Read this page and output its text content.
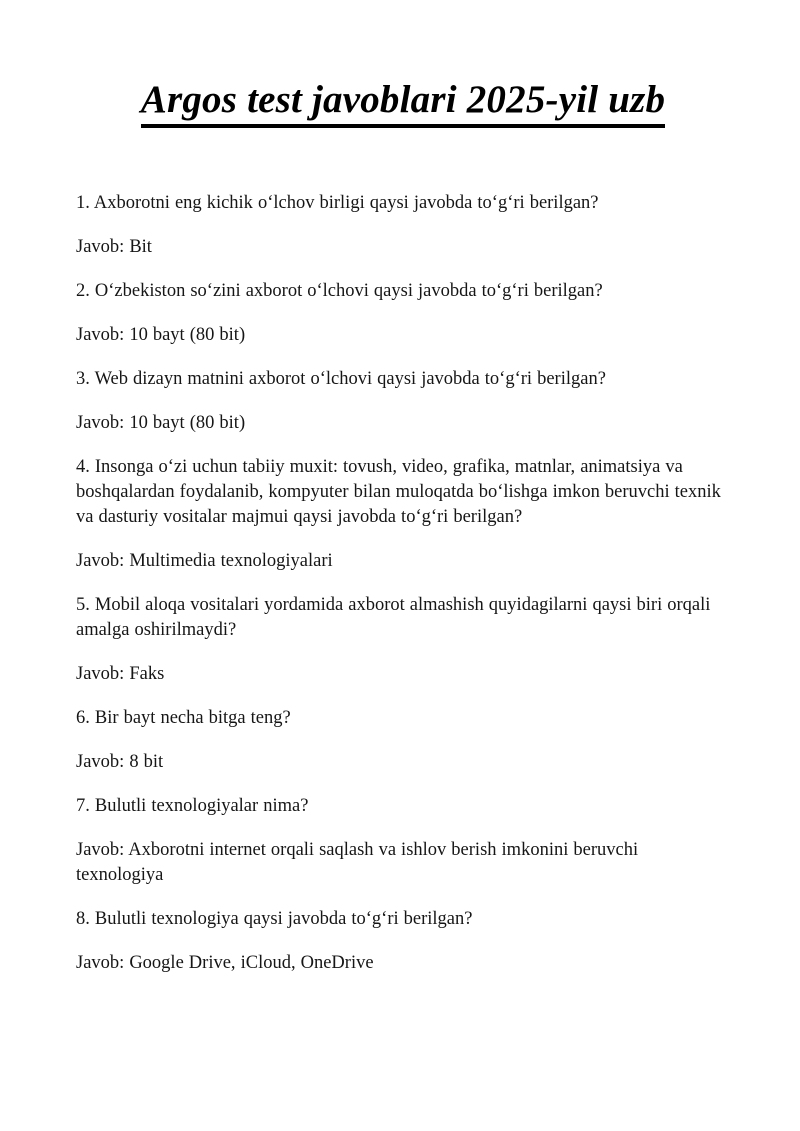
Argos test javoblari 2025-yil uzb

1. Axborotni eng kichik oʻlchov birligi qaysi javobda toʻgʻri berilgan?

Javob: Bit

2. Oʻzbekiston soʻzini axborot oʻlchovi qaysi javobda toʻgʻri berilgan?

Javob: 10 bayt (80 bit)

3. Web dizayn matnini axborot oʻlchovi qaysi javobda toʻgʻri berilgan?

Javob: 10 bayt (80 bit)

4. Insonga oʻzi uchun tabiiy muxit: tovush, video, grafika, matnlar, animatsiya va boshqalardan foydalanib, kompyuter bilan muloqatda boʻlishga imkon beruvchi texnik va dasturiy vositalar majmui qaysi javobda toʻgʻri berilgan?

Javob: Multimedia texnologiyalari

5. Mobil aloqa vositalari yordamida axborot almashish quyidagilarni qaysi biri orqali amalga oshirilmaydi?

Javob: Faks

6. Bir bayt necha bitga teng?

Javob: 8 bit

7. Bulutli texnologiyalar nima?

Javob: Axborotni internet orqali saqlash va ishlov berish imkonini beruvchi texnologiya

8. Bulutli texnologiya qaysi javobda toʻgʻri berilgan?

Javob: Google Drive, iCloud, OneDrive
